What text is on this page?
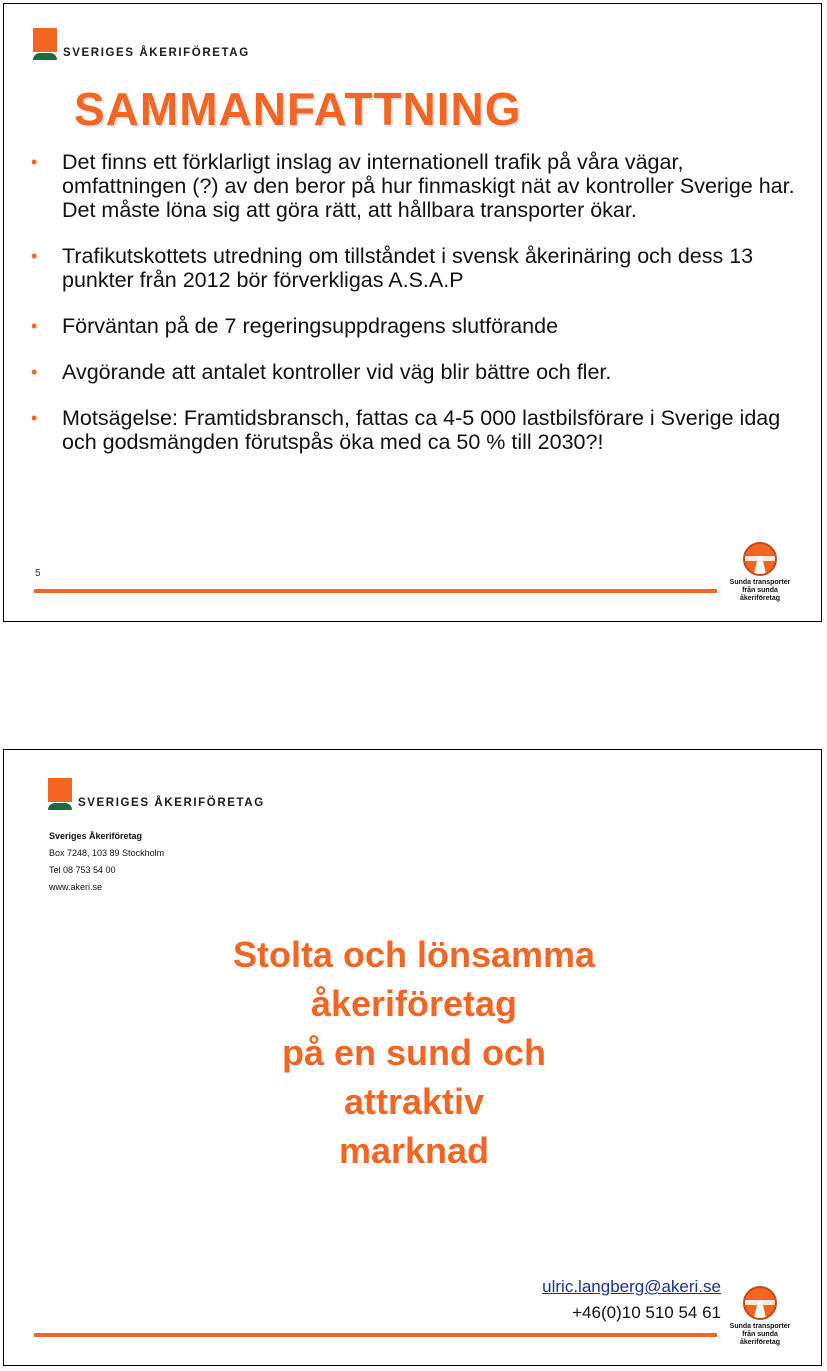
SVERIGES ÅKERIFÖRETAG
SAMMANFATTNING
• Det finns ett förklarligt inslag av internationell trafik på våra vägar, omfattningen (?) av den beror på hur finmaskigt nät av kontroller Sverige har. Det måste löna sig att göra rätt, att hållbara transporter ökar.
• Trafikutskottets utredning om tillståndet i svensk åkerinäring och dess 13 punkter från 2012 bör förverkligas A.S.A.P
• Förväntan på de 7 regeringsuppdragens slutförande
• Avgörande att antalet kontroller vid väg blir bättre och fler.
• Motsägelse: Framtidsbransch, fattas ca 4-5 000 lastbilsförare i Sverige idag och godsmängden förutspås öka med ca 50 % till 2030?!
5
Sunda transporter
från sunda åkeriföretag
SVERIGES ÅKERIFÖRETAG
Sveriges Åkeriföretag
Box 7248, 103 89 Stockholm
Tel 08 753 54 00
www.akeri.se
Stolta och lönsamma
åkeriföretag
på en sund och
attraktiv
marknad
ulric.langberg@akeri.se
+46(0)10 510 54 61
Sunda transporter
från sunda åkeriföretag
